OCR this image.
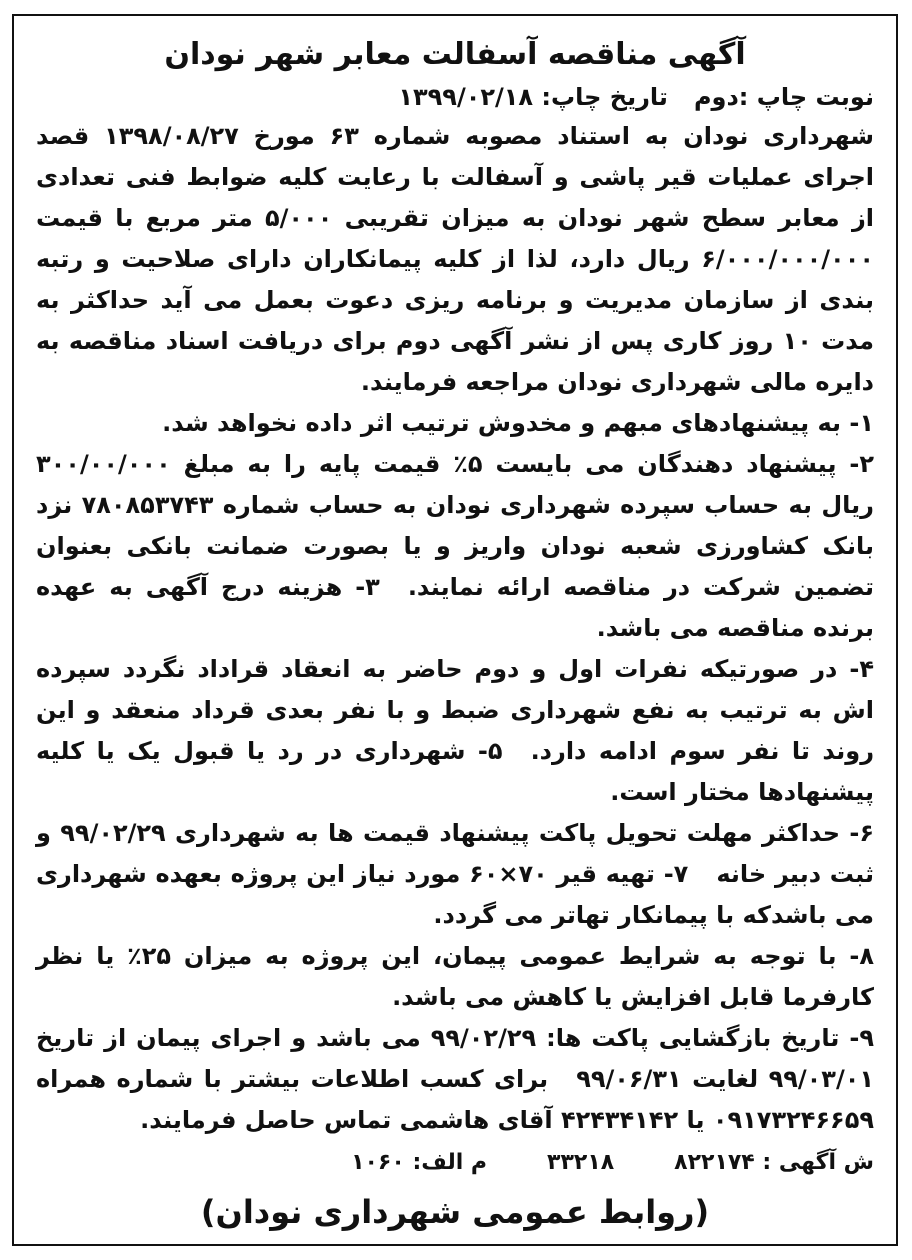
آگهی مناقصه آسفالت معابر شهر نودان
نوبت چاپ :دومتاریخ چاپ: ۱۳۹۹/۰۲/۱۸

شهرداری نودان به استناد مصوبه شماره ۶۳ مورخ ۱۳۹۸/۰۸/۲۷ قصد اجرای عملیات قیر پاشی و آسفالت با رعایت کلیه ضوابط فنی تعدادی از معابر سطح شهر نودان به میزان تقریبی ۵/۰۰۰ متر مربع با قیمت ۶/۰۰۰/۰۰۰/۰۰۰ ریال دارد، لذا از کلیه پیمانکاران دارای صلاحیت و رتبه بندی از سازمان مدیریت و برنامه ریزی دعوت بعمل می آید حداکثر به مدت ۱۰ روز کاری پس از نشر آگهی دوم برای دریافت اسناد مناقصه به دایره مالی شهرداری نودان مراجعه فرمایند.

۱- به پیشنهادهای مبهم و مخدوش ترتیب اثر داده نخواهد شد.

۲- پیشنهاد دهندگان می بایست ۵٪ قیمت پایه را به مبلغ ۳۰۰/۰۰/۰۰۰ ریال به حساب سپرده شهرداری نودان به حساب شماره ۷۸۰۸۵۳۷۴۳ نزد بانک کشاورزی شعبه نودان واریز و یا بصورت ضمانت بانکی بعنوان تضمین شرکت در مناقصه ارائه نمایند.۳- هزینه درج آگهی به عهده برنده مناقصه می باشد.

۴- در صورتیکه نفرات اول و دوم حاضر به انعقاد قراداد نگردد سپرده اش به ترتیب به نفع شهرداری ضبط و با نفر بعدی قرداد منعقد و این روند تا نفر سوم ادامه دارد.۵- شهرداری در رد یا قبول یک یا کلیه پیشنهادها مختار است.

۶- حداکثر مهلت تحویل پاکت پیشنهاد قیمت ها به شهرداری ۹۹/۰۲/۲۹ و ثبت دبیر خانه۷- تهیه قیر ۷۰×۶۰ مورد نیاز این پروژه بعهده شهرداری می باشدکه با پیمانکار تهاتر می گردد.

۸- با توجه به شرایط عمومی پیمان، این پروژه به میزان ۲۵٪ یا نظر کارفرما قابل افزایش یا کاهش می باشد.

۹- تاریخ بازگشایی پاکت ها: ۹۹/۰۲/۲۹ می باشد و اجرای پیمان از تاریخ ۹۹/۰۳/۰۱ لغایت ۹۹/۰۶/۳۱برای کسب اطلاعات بیشتر با شماره همراه ۰۹۱۷۳۲۴۶۶۵۹ یا ۴۲۴۳۴۱۴۲ آقای هاشمی تماس حاصل فرمایند.

ش آگهی : ۸۲۲۱۷۴۳۳۲۱۸م الف: ۱۰۶۰
(روابط عمومی شهرداری نودان)
